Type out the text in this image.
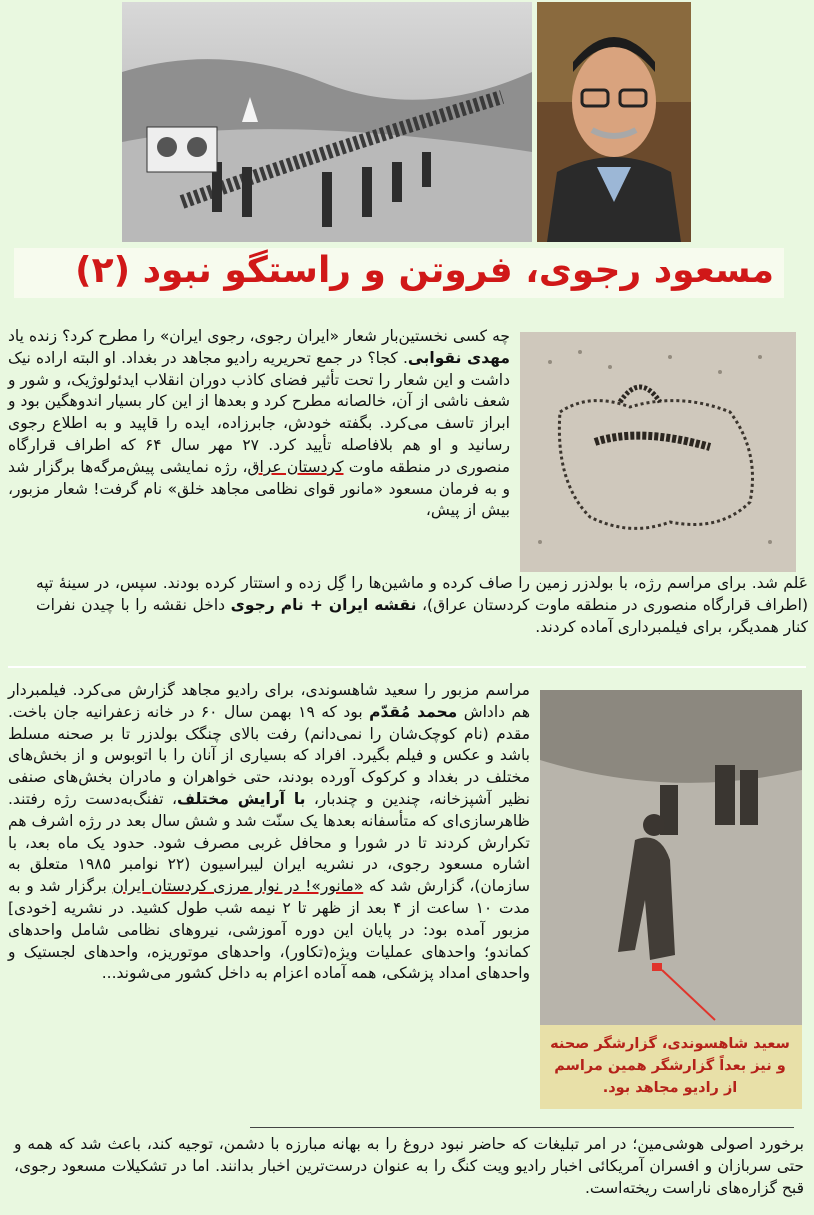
مسعود رجوی، فروتن و راستگو نبود (۲)

چه کسی نخستین‌بار شعار «ایران رجوی، رجوی ایران» را مطرح کرد؟ زنده یاد مهدی نقوابی. کجا؟ در جمع تحریریه رادیو مجاهد در بغداد. او البته اراده نیک داشت و این شعار را تحت تأثیر فضای کاذب دوران انقلاب ایدئولوژیک، و شور و شعف ناشی از آن، خالصانه مطرح کرد و بعدها از این کار بسیار اندوهگین بود و ابراز تاسف می‌کرد. بگفته خودش، جابرزاده، ایده را قاپید و به اطلاع رجوی رسانید و او هم بلافاصله تأیید کرد. ۲۷ مهر سال ۶۴ که اطراف قرارگاه منصوری در منطقه ماوت کردستان عراق، رژه نمایشی پیش‌مرگه‌ها برگزار شد و به فرمان مسعود «مانور قوای نظامی مجاهد خلق» نام گرفت! شعار مزبور، بیش از پیش،

عَلم شد. برای مراسم رژه، با بولدزر زمین را صاف کرده و ماشین‌ها را گِل زده و استتار کرده بودند. سپس، در سینهٔ تپه (اطراف قرارگاه منصوری در منطقه ماوت کردستان عراق)، نقشه ایران + نام رجوی داخل نقشه را با چیدن نفرات کنار همدیگر، برای فیلمبرداری آماده کردند.

سعید شاهسوندی، گزارشگر صحنه و نیز بعداً گزارشگر همین مراسم از رادیو مجاهد بود.

مراسم مزبور را سعید شاهسوندی، برای رادیو مجاهد گزارش می‌کرد. فیلمبردار هم داداش محمد مُقدّم بود که ۱۹ بهمن سال ۶۰ در خانه زعفرانیه جان باخت. مقدم (نام کوچک‌شان را نمی‌دانم) رفت بالای چنگک بولدزر تا بر صحنه مسلط باشد و عکس و فیلم بگیرد. افراد که بسیاری از آنان را با اتوبوس و از بخش‌های مختلف در بغداد و کرکوک آورده بودند، حتی خواهران و مادران بخش‌های صنفی نظیر آشپزخانه، چندین و چندبار، با آرایش مختلف، تفنگ‌به‌دست رژه رفتند. ظاهرسازی‌ای که متأسفانه بعدها یک سنّت شد و شش سال بعد در رژه اشرف هم تکرارش کردند تا در شورا و محافل غربی مصرف شود. حدود یک ماه بعد، با اشاره مسعود رجوی، در نشریه ایران لیبراسیون (۲۲ نوامبر ۱۹۸۵ متعلق به سازمان)، گزارش شد که «مانور»! در نوار مرزی کردستان ایران برگزار شد و به مدت ۱۰ ساعت از ۴ بعد از ظهر تا ۲ نیمه شب طول کشید. در نشریه [خودی] مزبور آمده بود: در پایان این دوره آموزشی، نیروهای نظامی شامل واحدهای کماندو؛ واحدهای عملیات ویژه(تکاور)، واحدهای موتوریزه، واحدهای لجستیک و واحدهای امداد پزشکی، همه آماده اعزام به داخل کشور می‌شوند...

برخورد اصولی هوشی‌مین؛ در امر تبلیغات که حاضر نبود دروغ را به بهانه مبارزه با دشمن، توجیه کند، باعث شد که همه و حتی سربازان و افسران آمریکائی اخبار رادیو ویت کنگ را به عنوان درست‌ترین اخبار بدانند. اما در تشکیلات مسعود رجوی، قبح گزاره‌های ناراست ریخته‌است.
